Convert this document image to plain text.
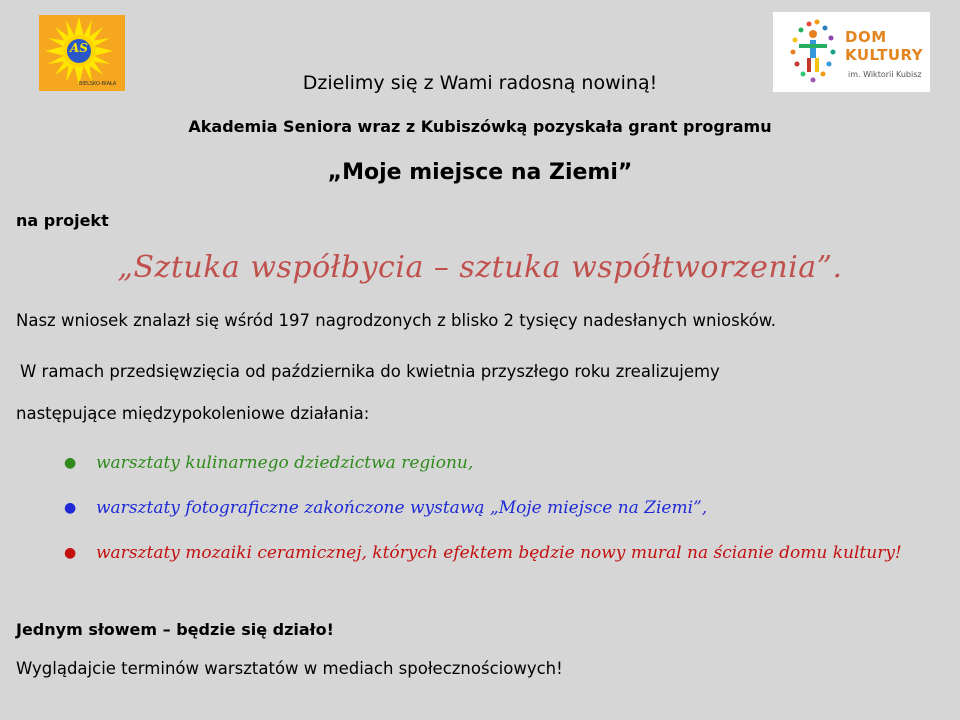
AS
BIELSKO-BIAŁA
DOM
KULTURY
im. Wiktorii Kubisz
Dzielimy się z Wami radosną nowiną!
Akademia Seniora wraz z Kubiszówką pozyskała grant programu
„Moje miejsce na Ziemi”
na projekt
„Sztuka współbycia – sztuka współtworzenia”.
Nasz wniosek znalazł się wśród 197 nagrodzonych z blisko 2 tysięcy nadesłanych wniosków.
W ramach przedsięwzięcia od października do kwietnia przyszłego roku zrealizujemy
następujące międzypokoleniowe działania:
● warsztaty kulinarnego dziedzictwa regionu,
● warsztaty fotograficzne zakończone wystawą „Moje miejsce na Ziemi”,
● warsztaty mozaiki ceramicznej, których efektem będzie nowy mural na ścianie domu kultury!
Jednym słowem – będzie się działo!
Wyglądajcie terminów warsztatów w mediach społecznościowych!
